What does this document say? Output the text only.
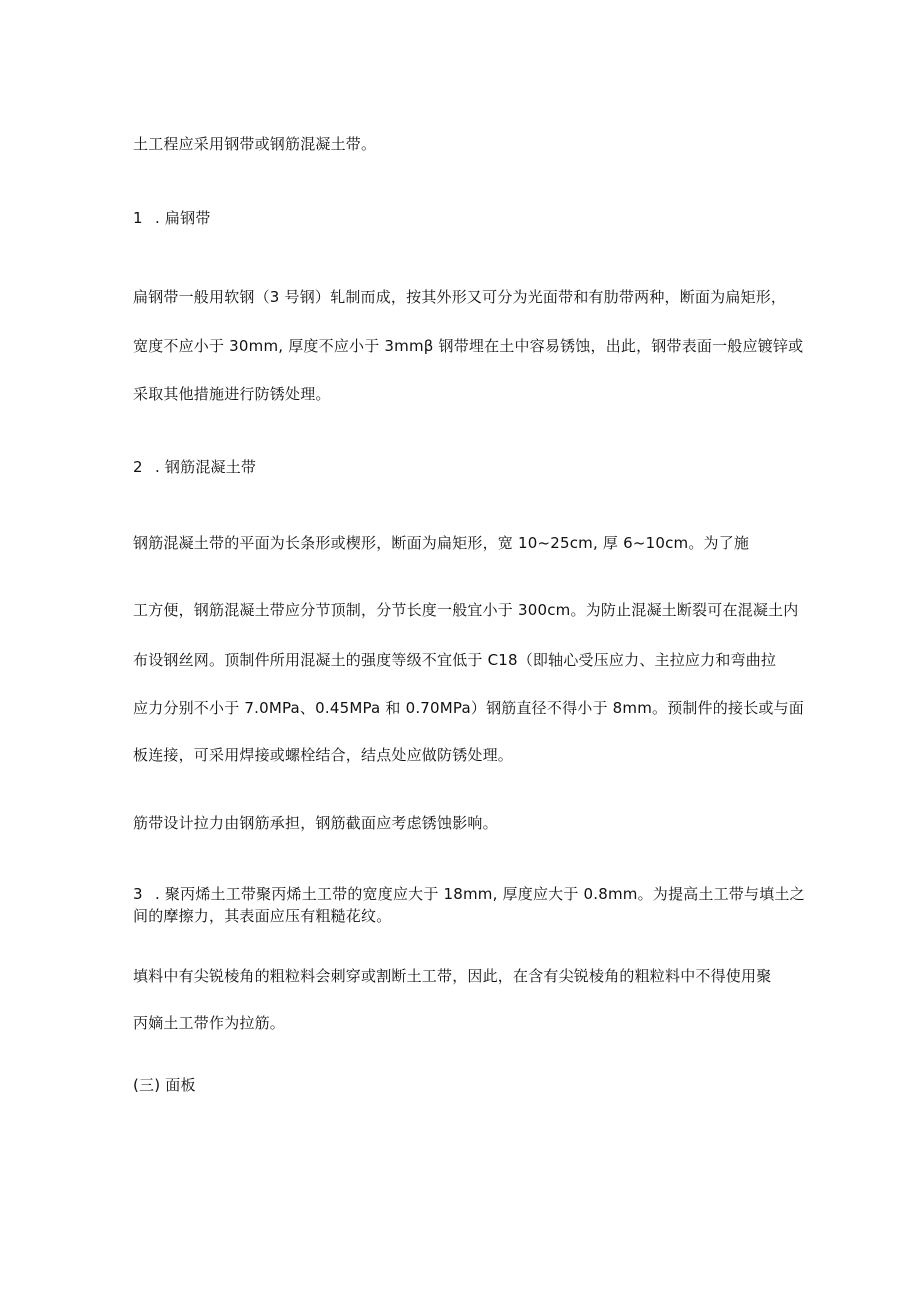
土工程应采用钢带或钢筋混凝土带。
1 . 扁钢带
扁钢带一般用软钢（3 号钢）轧制而成，按其外形又可分为光面带和有肋带两种，断面为扁矩形，
宽度不应小于 30mm, 厚度不应小于 3mmβ 钢带埋在土中容易锈蚀，出此，钢带表面一般应镀锌或
采取其他措施进行防锈处理。
2 . 钢筋混凝土带
钢筋混凝土带的平面为长条形或楔形，断面为扁矩形，宽 10~25cm, 厚 6~10cm。为了施
工方便，钢筋混凝土带应分节顶制，分节长度一般宜小于 300cm。为防止混凝土断裂可在混凝土内
布设钢丝网。顶制件所用混凝土的强度等级不宜低于 C18（即轴心受压应力、主拉应力和弯曲拉
应力分别不小于 7.0MPa、0.45MPa 和 0.70MPa）钢筋直径不得小于 8mm。预制件的接长或与面
板连接，可采用焊接或螺栓结合，结点处应做防锈处理。
筋带设计拉力由钢筋承担，钢筋截面应考虑锈蚀影响。
3 . 聚丙烯土工带聚丙烯土工带的宽度应大于 18mm, 厚度应大于 0.8mm。为提高土工带与填土之
间的摩擦力，其表面应压有粗糙花纹。
填料中有尖锐棱角的粗粒料会刺穿或割断土工带，因此，在含有尖锐棱角的粗粒料中不得使用聚
丙嫡土工带作为拉筋。
(三) 面板
